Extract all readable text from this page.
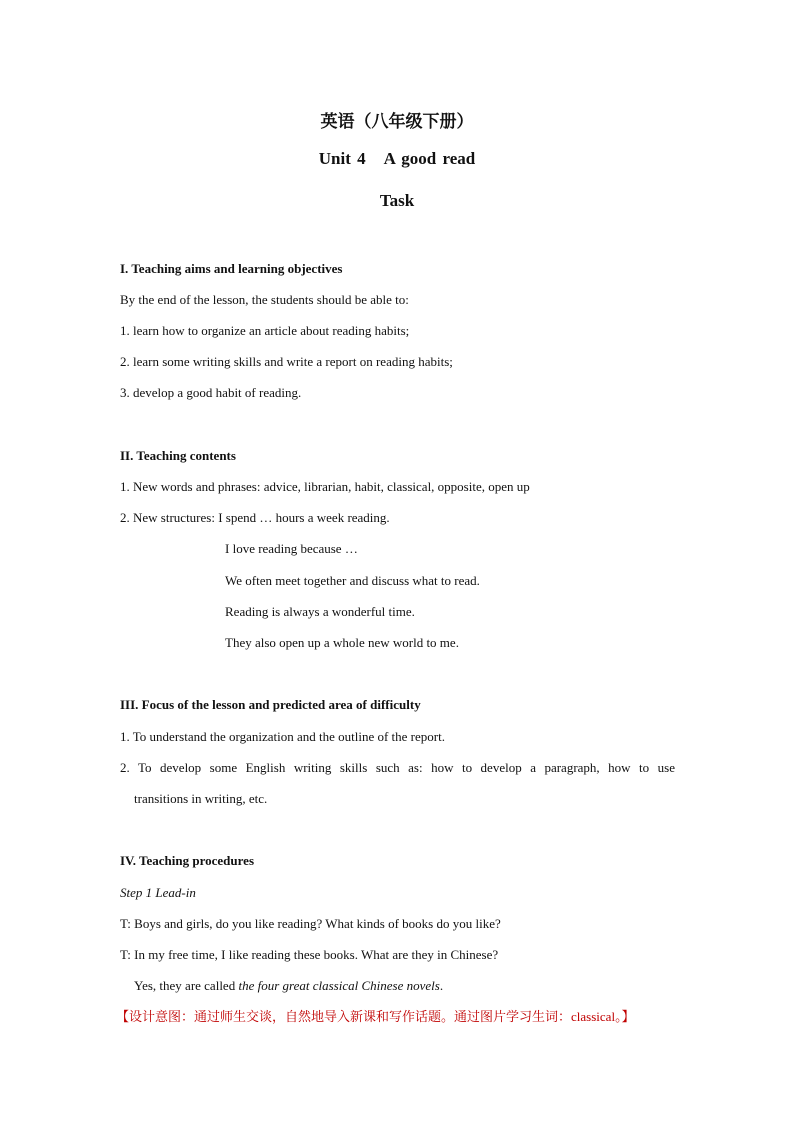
英语（八年级下册）
Unit 4 A good read
Task
I. Teaching aims and learning objectives
By the end of the lesson, the students should be able to:
1. learn how to organize an article about reading habits;
2. learn some writing skills and write a report on reading habits;
3. develop a good habit of reading.
II. Teaching contents
1. New words and phrases: advice, librarian, habit, classical, opposite, open up
2. New structures: I spend … hours a week reading.
I love reading because …
We often meet together and discuss what to read.
Reading is always a wonderful time.
They also open up a whole new world to me.
III. Focus of the lesson and predicted area of difficulty
1. To understand the organization and the outline of the report.
2. To develop some English writing skills such as: how to develop a paragraph, how to use
transitions in writing, etc.
IV. Teaching procedures
Step 1 Lead-in
T: Boys and girls, do you like reading? What kinds of books do you like?
T: In my free time, I like reading these books. What are they in Chinese?
Yes, they are called the four great classical Chinese novels.
【设计意图：通过师生交谈，自然地导入新课和写作话题。通过图片学习生词：classical。】
